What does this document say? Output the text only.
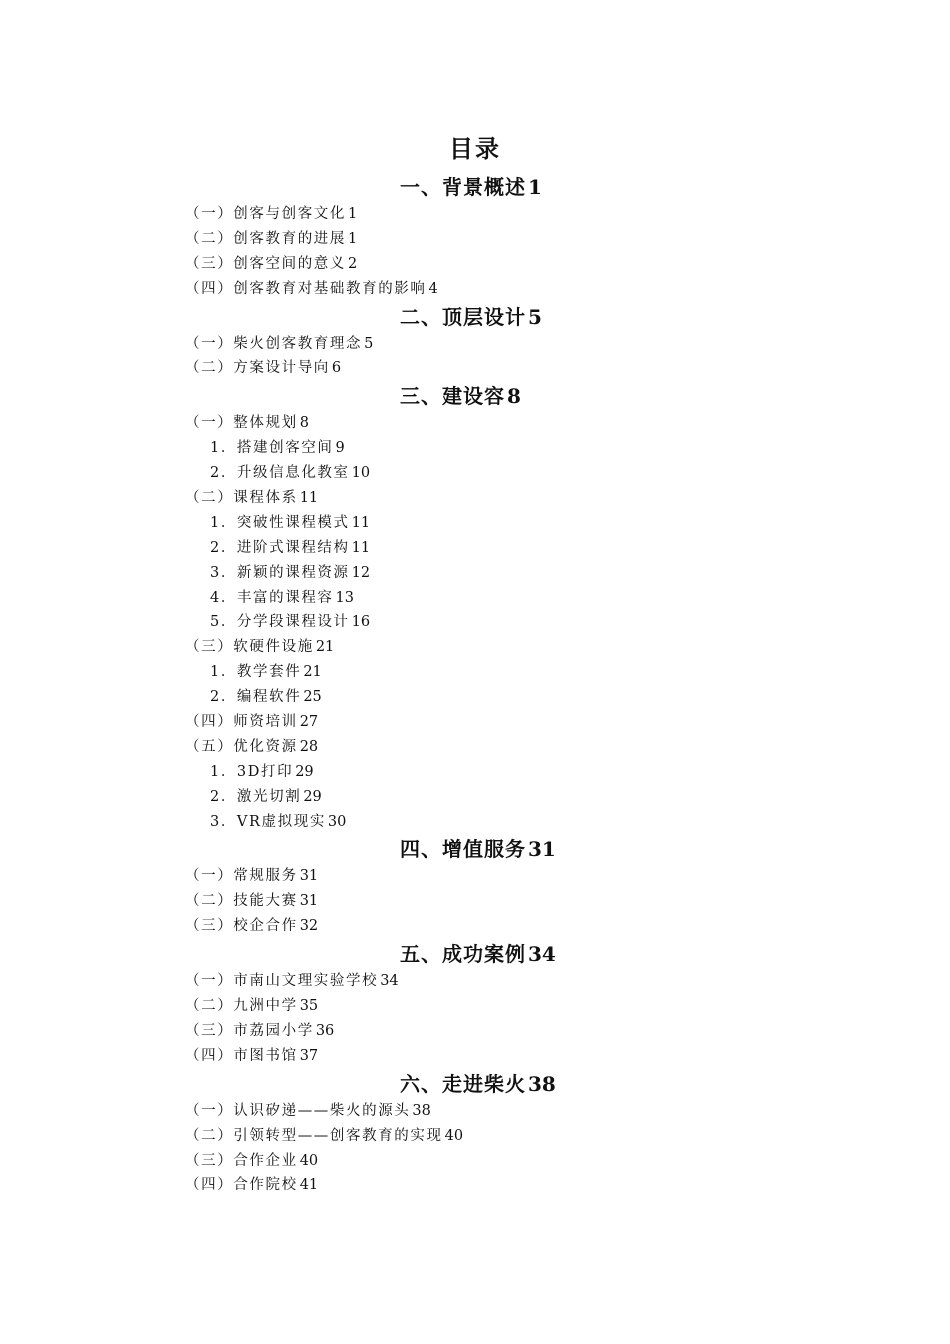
目录
一、背景概述 1
（一）创客与创客文化 1
（二）创客教育的进展 1
（三）创客空间的意义 2
（四）创客教育对基础教育的影响 4
二、顶层设计 5
（一）柴火创客教育理念 5
（二）方案设计导向 6
三、建设容 8
（一）整体规划 8
1．搭建创客空间 9
2．升级信息化教室 10
（二）课程体系 11
1．突破性课程模式 11
2．进阶式课程结构 11
3．新颖的课程资源 12
4．丰富的课程容 13
5．分学段课程设计 16
（三）软硬件设施 21
1．教学套件 21
2．编程软件 25
（四）师资培训 27
（五）优化资源 28
1．3D打印 29
2．激光切割 29
3．VR虚拟现实 30
四、增值服务 31
（一）常规服务 31
（二）技能大赛 31
（三）校企合作 32
五、成功案例 34
（一）市南山文理实验学校 34
（二）九洲中学 35
（三）市荔园小学 36
（四）市图书馆 37
六、走进柴火 38
（一）认识矽递——柴火的源头 38
（二）引领转型——创客教育的实现 40
（三）合作企业 40
（四）合作院校 41
